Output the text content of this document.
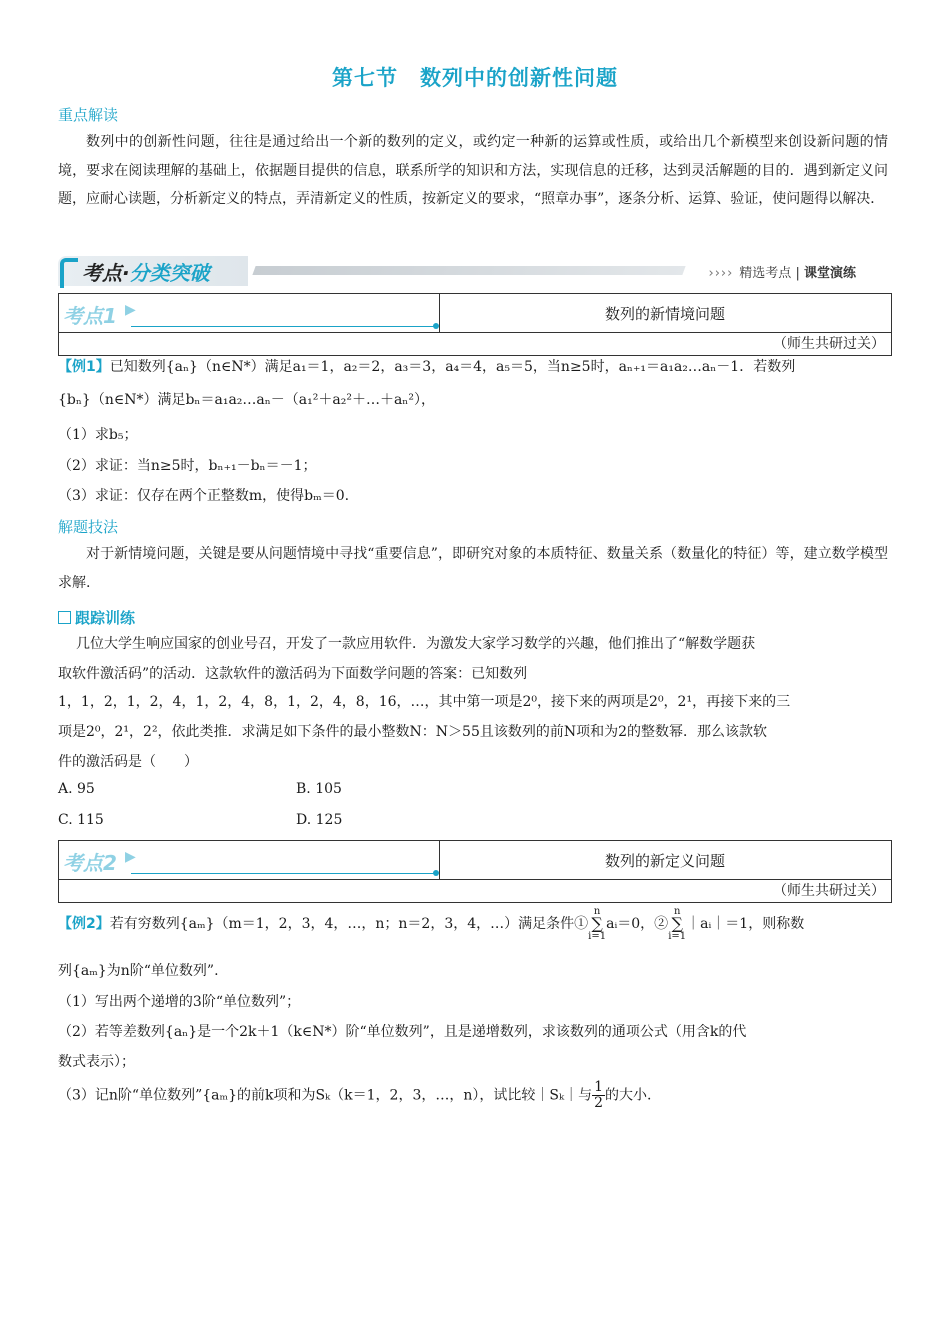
第七节　数列中的创新性问题
重点解读

数列中的创新性问题，往往是通过给出一个新的数列的定义，或约定一种新的运算或性质，或给出几个新模型来创设新问题的情境，要求在阅读理解的基础上，依据题目提供的信息，联系所学的知识和方法，实现信息的迁移，达到灵活解题的目的．遇到新定义问题，应耐心读题，分析新定义的特点，弄清新定义的性质，按新定义的要求，“照章办事”，逐条分析、运算、验证，使问题得以解决．

考点·分类突破	›››› 精选考点 | 课堂演练
考点1 ▶	数列的新情境问题
（师生共研过关）
【例1】已知数列{aₙ}（n∈N*）满足a₁＝1，a₂＝2，a₃＝3，a₄＝4，a₅＝5，当n≥5时，aₙ₊₁＝a₁a₂…aₙ－1．若数列
{bₙ}（n∈N*）满足bₙ＝a₁a₂…aₙ－（a₁²＋a₂²＋…＋aₙ²），
（1）求b₅；
（2）求证：当n≥5时，bₙ₊₁－bₙ＝－1；
（3）求证：仅存在两个正整数m，使得bₘ＝0.
解题技法

对于新情境问题，关键是要从问题情境中寻找“重要信息”，即研究对象的本质特征、数量关系（数量化的特征）等，建立数学模型求解.

跟踪训练
几位大学生响应国家的创业号召，开发了一款应用软件．为激发大家学习数学的兴趣，他们推出了“解数学题获
取软件激活码”的活动．这款软件的激活码为下面数学问题的答案：已知数列
1，1，2，1，2，4，1，2，4，8，1，2，4，8，16，…，其中第一项是2⁰，接下来的两项是2⁰，2¹，再接下来的三
项是2⁰，2¹，2²，依此类推．求满足如下条件的最小整数N：N＞55且该数列的前N项和为2的整数幂．那么该款软
件的激活码是（　　）
A. 95	B. 105
C. 115	D. 125
考点2 ▶	数列的新定义问题
（师生共研过关）
【例2】若有穷数列{aₘ}（m＝1，2，3，4，…，n；n＝2，3，4，…）满足条件①n
∑
i=1aᵢ＝0，②n
∑
i=1｜aᵢ｜＝1，则称数
列{aₘ}为n阶“单位数列”.
（1）写出两个递增的3阶“单位数列”；
（2）若等差数列{aₙ}是一个2k＋1（k∈N*）阶“单位数列”，且是递增数列，求该数列的通项公式（用含k的代
数式表示）；
（3）记n阶“单位数列”{aₘ}的前k项和为Sₖ（k＝1，2，3，…，n），试比较｜Sₖ｜与 $\frac{1}{2}$ 的大小.
